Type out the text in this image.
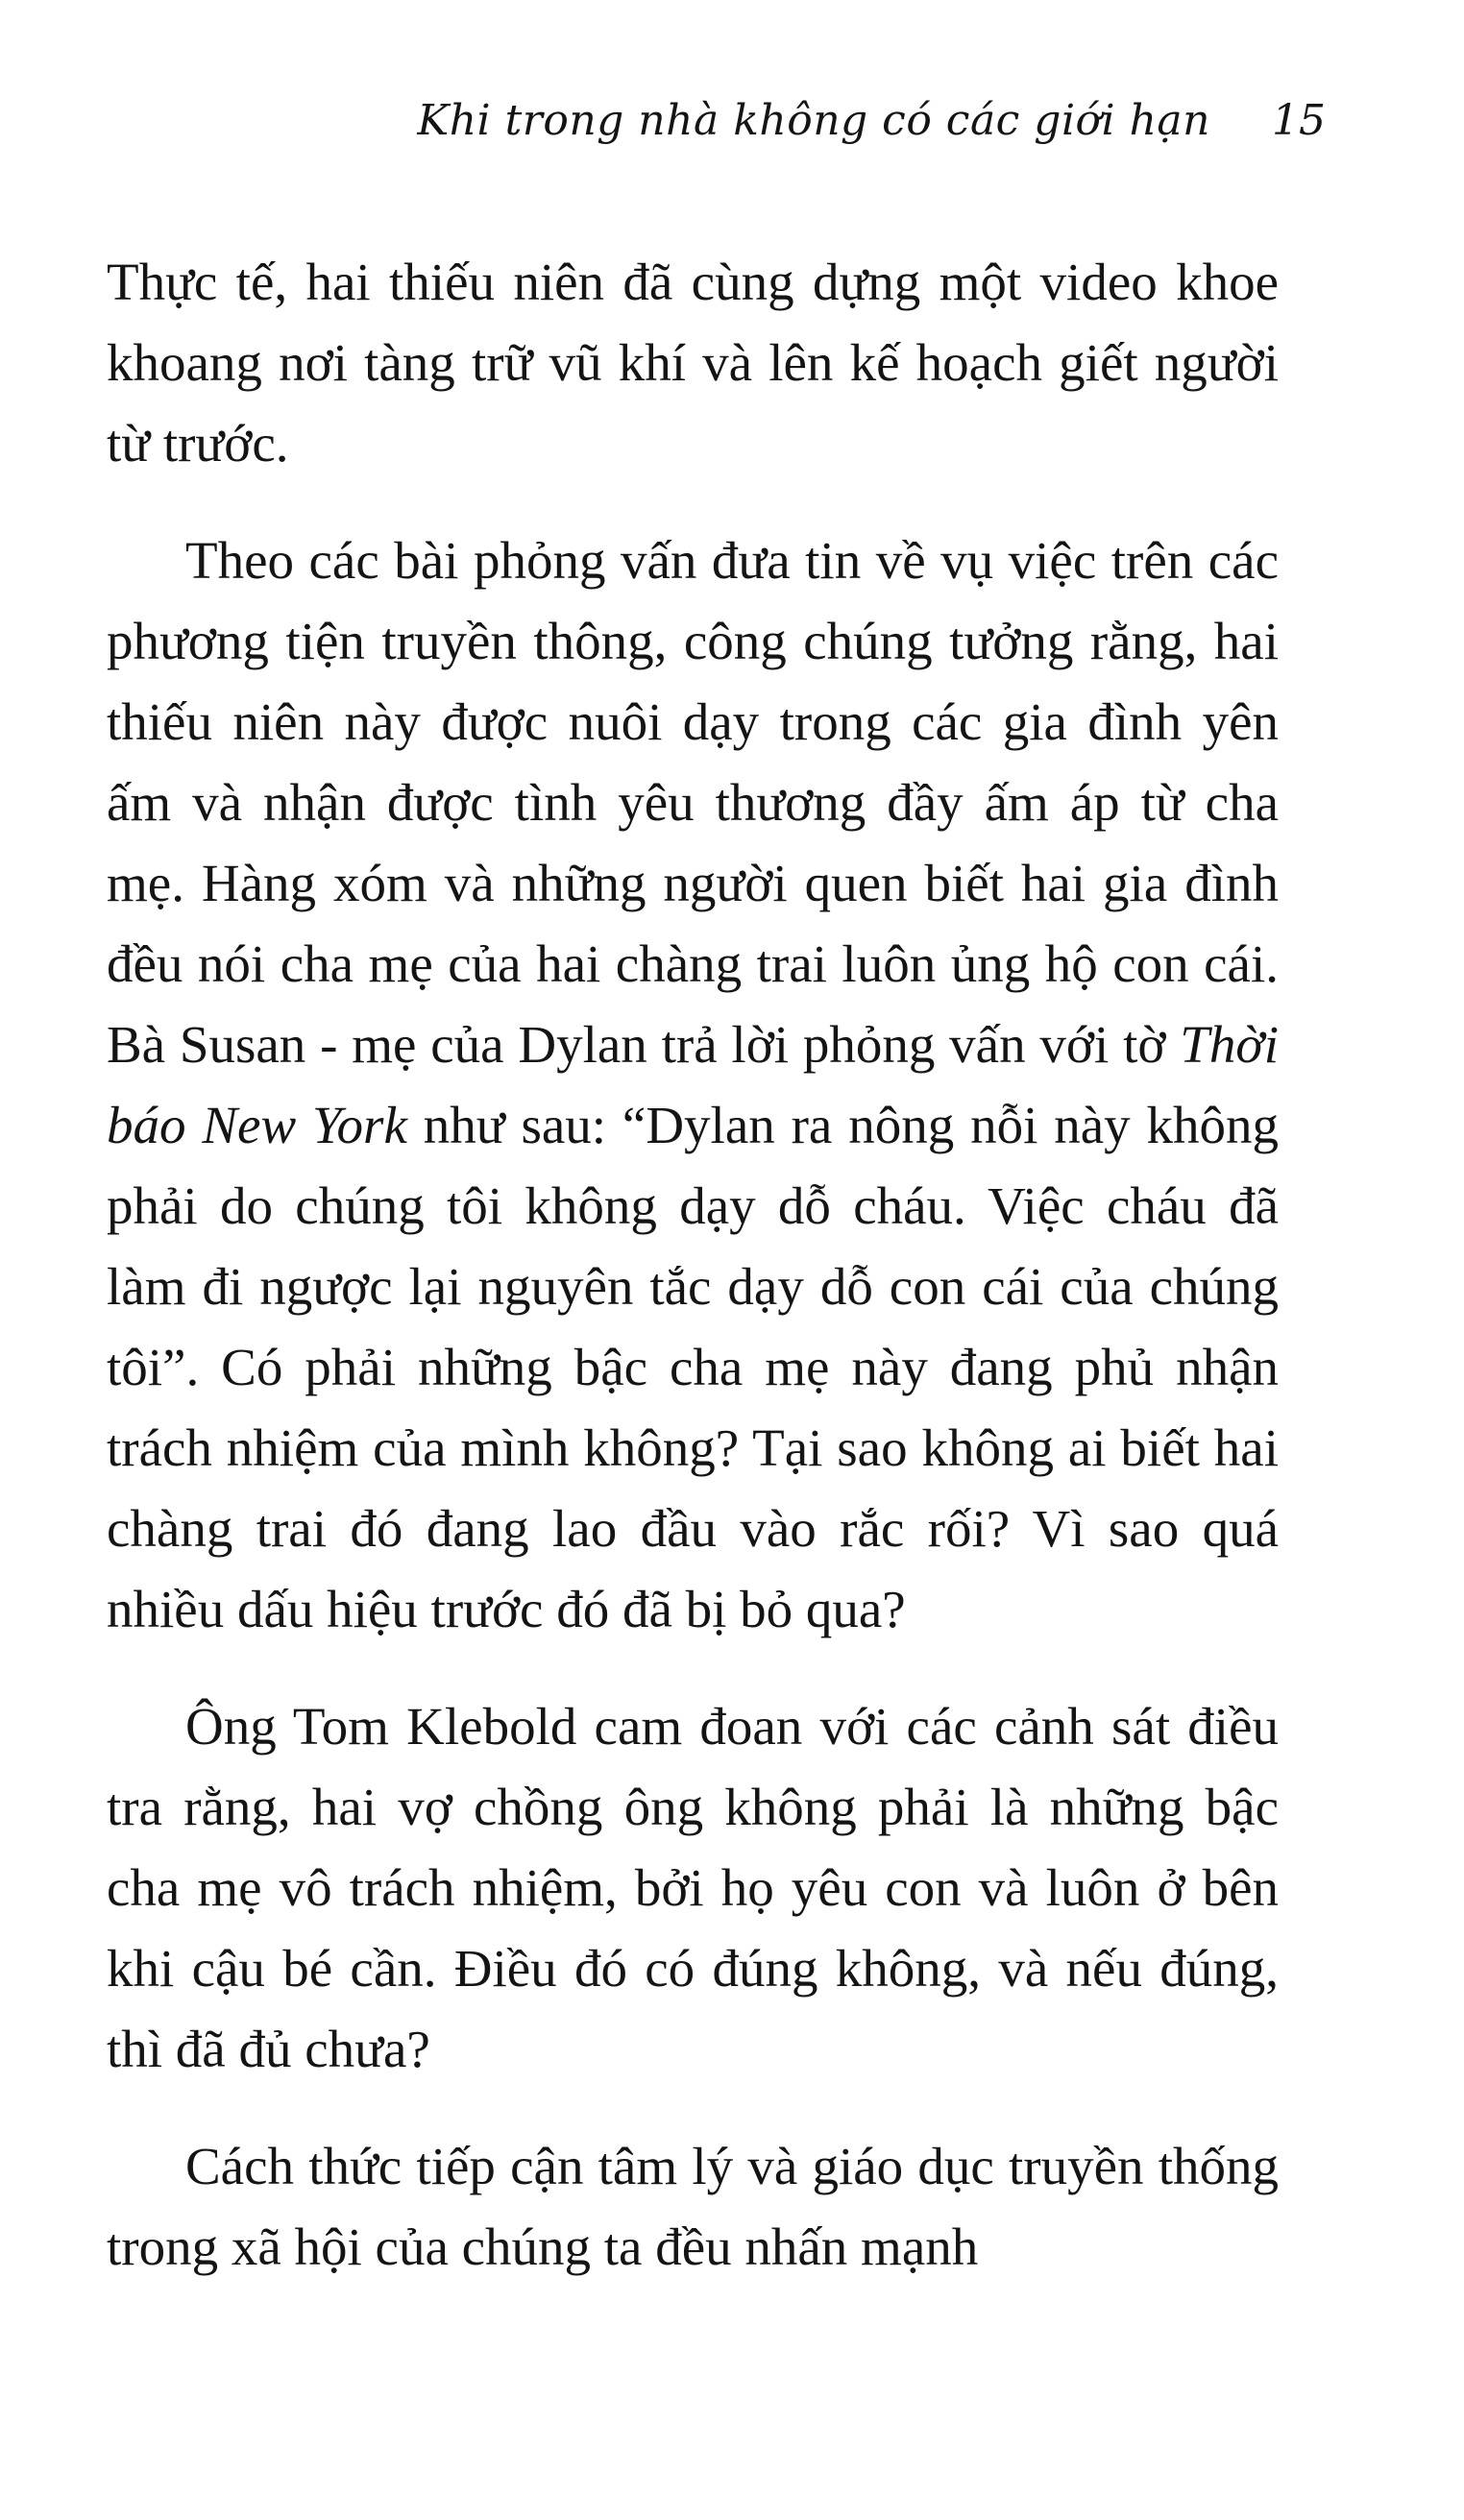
Khi trong nhà không có các giới hạn 15

Thực tế, hai thiếu niên đã cùng dựng một video khoe khoang nơi tàng trữ vũ khí và lên kế hoạch giết người từ trước.

Theo các bài phỏng vấn đưa tin về vụ việc trên các phương tiện truyền thông, công chúng tưởng rằng, hai thiếu niên này được nuôi dạy trong các gia đình yên ấm và nhận được tình yêu thương đầy ấm áp từ cha mẹ. Hàng xóm và những người quen biết hai gia đình đều nói cha mẹ của hai chàng trai luôn ủng hộ con cái. Bà Susan - mẹ của Dylan trả lời phỏng vấn với tờ Thời báo New York như sau: “Dylan ra nông nỗi này không phải do chúng tôi không dạy dỗ cháu. Việc cháu đã làm đi ngược lại nguyên tắc dạy dỗ con cái của chúng tôi”. Có phải những bậc cha mẹ này đang phủ nhận trách nhiệm của mình không? Tại sao không ai biết hai chàng trai đó đang lao đầu vào rắc rối? Vì sao quá nhiều dấu hiệu trước đó đã bị bỏ qua?

Ông Tom Klebold cam đoan với các cảnh sát điều tra rằng, hai vợ chồng ông không phải là những bậc cha mẹ vô trách nhiệm, bởi họ yêu con và luôn ở bên khi cậu bé cần. Điều đó có đúng không, và nếu đúng, thì đã đủ chưa?

Cách thức tiếp cận tâm lý và giáo dục truyền thống trong xã hội của chúng ta đều nhấn mạnh
